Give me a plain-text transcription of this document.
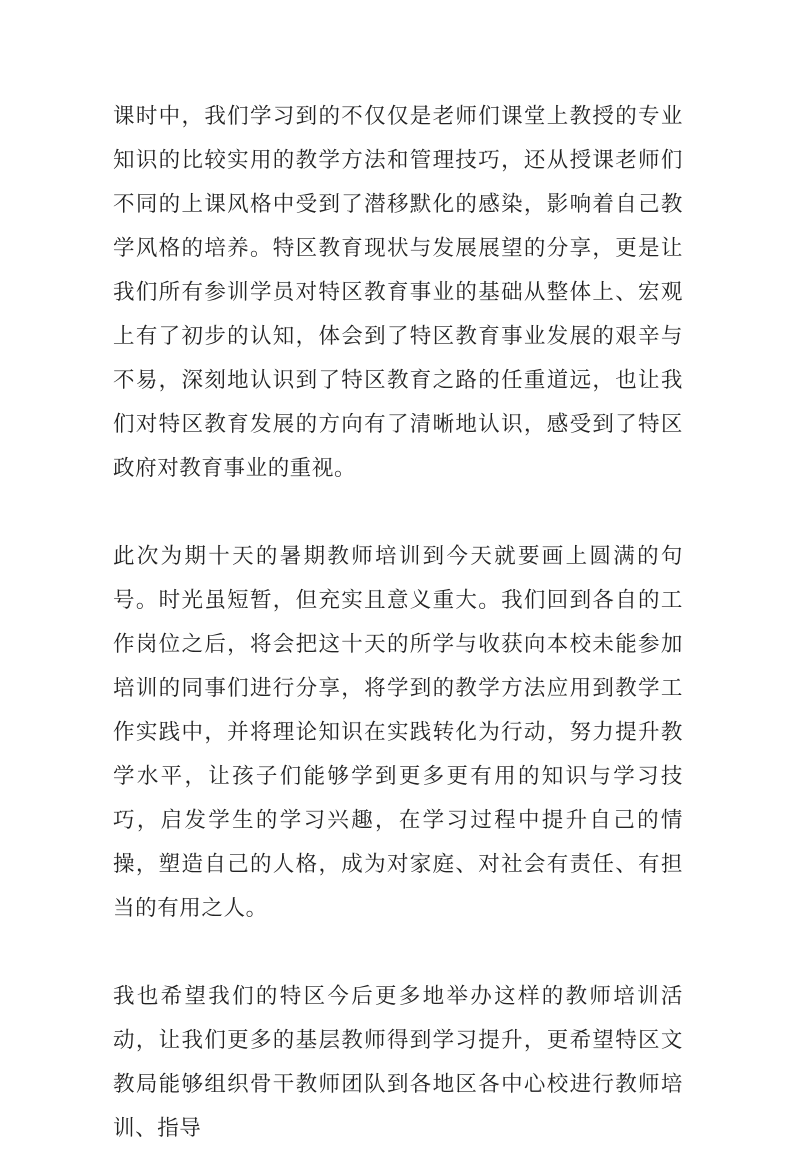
课时中，我们学习到的不仅仅是老师们课堂上教授的专业知识的比较实用的教学方法和管理技巧，还从授课老师们不同的上课风格中受到了潜移默化的感染，影响着自己教学风格的培养。特区教育现状与发展展望的分享，更是让我们所有参训学员对特区教育事业的基础从整体上、宏观上有了初步的认知，体会到了特区教育事业发展的艰辛与不易，深刻地认识到了特区教育之路的任重道远，也让我们对特区教育发展的方向有了清晰地认识，感受到了特区政府对教育事业的重视。

此次为期十天的暑期教师培训到今天就要画上圆满的句号。时光虽短暂，但充实且意义重大。我们回到各自的工作岗位之后，将会把这十天的所学与收获向本校未能参加培训的同事们进行分享，将学到的教学方法应用到教学工作实践中，并将理论知识在实践转化为行动，努力提升教学水平，让孩子们能够学到更多更有用的知识与学习技巧，启发学生的学习兴趣，在学习过程中提升自己的情操，塑造自己的人格，成为对家庭、对社会有责任、有担当的有用之人。

我也希望我们的特区今后更多地举办这样的教师培训活动，让我们更多的基层教师得到学习提升，更希望特区文教局能够组织骨干教师团队到各地区各中心校进行教师培训、指导
